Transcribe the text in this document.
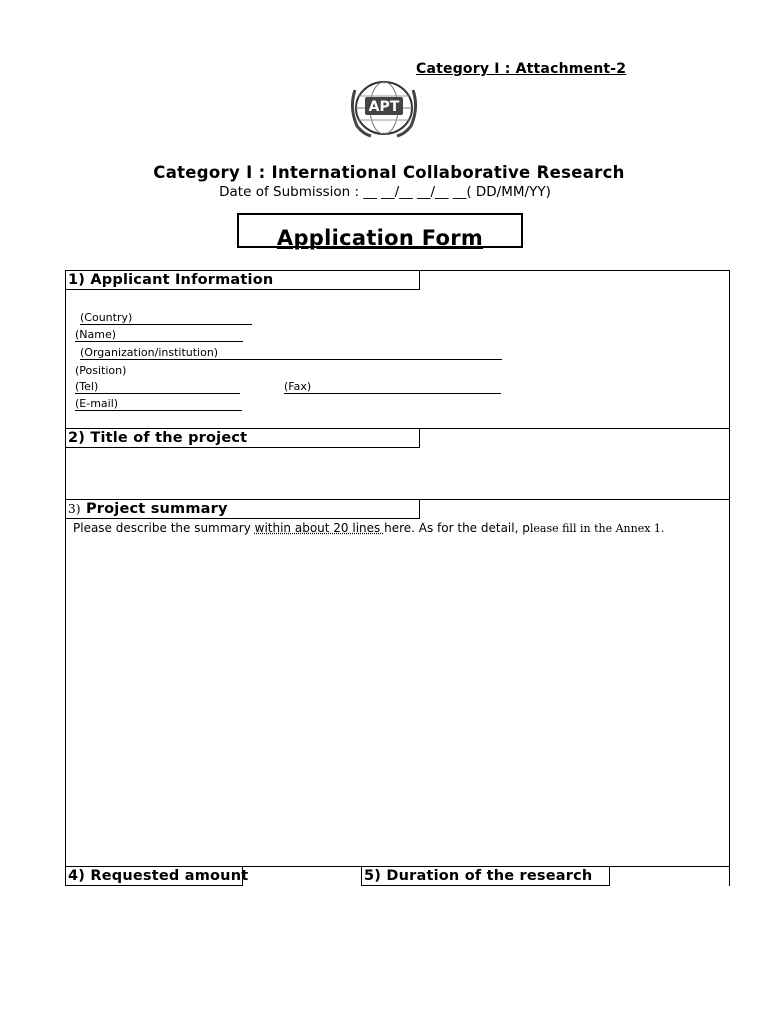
Category I : Attachment-2
APT
Category I : International Collaborative Research
Date of Submission : __ __/__ __/__ __( DD/MM/YY)
Application Form
1) Applicant Information
(Country)
(Name)
(Organization/institution)
(Position)
(Tel)	(Fax)
(E-mail)
2) Title of the project
3) Project summary
Please describe the summary within about 20 lines here. As for the detail, please fill in the Annex 1.
4) Requested amount	5) Duration of the research
